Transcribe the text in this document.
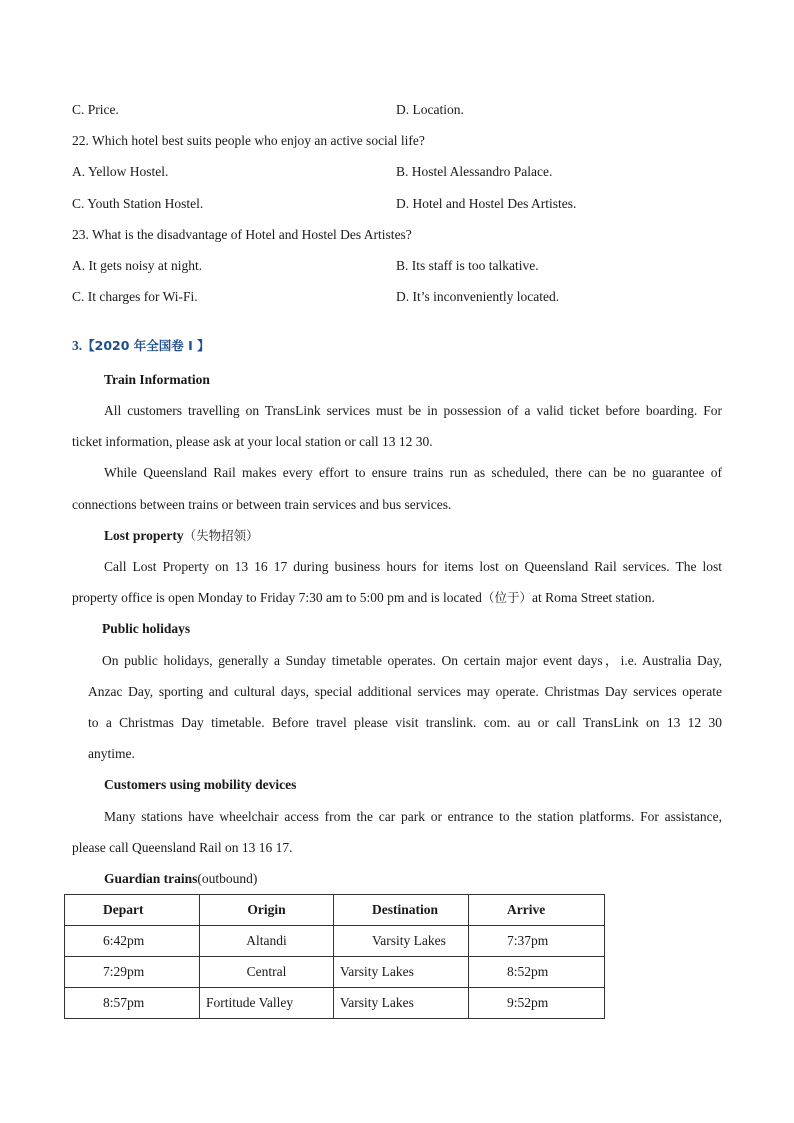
C. Price.	D. Location.
22. Which hotel best suits people who enjoy an active social life?
A. Yellow Hostel.	B. Hostel Alessandro Palace.
C. Youth Station Hostel.	D. Hotel and Hostel Des Artistes.
23. What is the disadvantage of Hotel and Hostel Des Artistes?
A. It gets noisy at night.	B. Its staff is too talkative.
C. It charges for Wi-Fi.	D. It’s inconveniently located.
3.【2020 年全国卷 I 】
Train Information
All customers travelling on TransLink services must be in possession of a valid ticket before boarding. For
ticket information, please ask at your local station or call 13 12 30.
While Queensland Rail makes every effort to ensure trains run as scheduled, there can be no guarantee of
connections between trains or between train services and bus services.
Lost property（失物招领）
Call Lost Property on 13 16 17 during business hours for items lost on Queensland Rail services. The lost
property office is open Monday to Friday 7:30 am to 5:00 pm and is located（位于）at Roma Street station.
Public holidays
On public holidays, generally a Sunday timetable operates. On certain major event days，i.e. Australia Day,
Anzac Day, sporting and cultural days, special additional services may operate. Christmas Day services operate
to a Christmas Day timetable. Before travel please visit translink. com. au or call TransLink on 13 12 30
anytime.
Customers using mobility devices
Many stations have wheelchair access from the car park or entrance to the station platforms. For assistance,
please call Queensland Rail on 13 16 17.
Guardian trains(outbound)
Depart	Origin	Destination	Arrive
6:42pm	Altandi	Varsity Lakes	7:37pm
7:29pm	Central	Varsity Lakes	8:52pm
8:57pm	Fortitude Valley	Varsity Lakes	9:52pm
